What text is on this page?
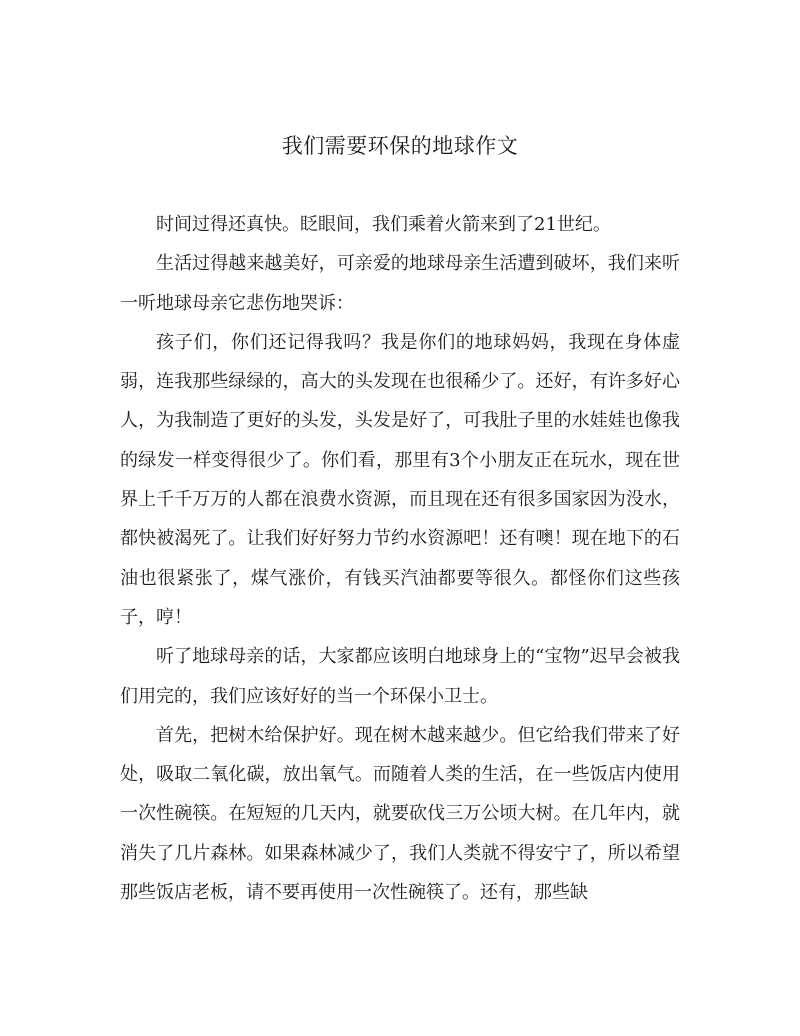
我们需要环保的地球作文

时间过得还真快。眨眼间，我们乘着火箭来到了21世纪。

生活过得越来越美好，可亲爱的地球母亲生活遭到破坏，我们来听一听地球母亲它悲伤地哭诉：

孩子们，你们还记得我吗？我是你们的地球妈妈，我现在身体虚弱，连我那些绿绿的，高大的头发现在也很稀少了。还好，有许多好心人，为我制造了更好的头发，头发是好了，可我肚子里的水娃娃也像我的绿发一样变得很少了。你们看，那里有3个小朋友正在玩水，现在世界上千千万万的人都在浪费水资源，而且现在还有很多国家因为没水，都快被渴死了。让我们好好努力节约水资源吧！还有噢！现在地下的石油也很紧张了，煤气涨价，有钱买汽油都要等很久。都怪你们这些孩子，哼！

听了地球母亲的话，大家都应该明白地球身上的“宝物”迟早会被我们用完的，我们应该好好的当一个环保小卫士。

首先，把树木给保护好。现在树木越来越少。但它给我们带来了好处，吸取二氧化碳，放出氧气。而随着人类的生活，在一些饭店内使用一次性碗筷。在短短的几天内，就要砍伐三万公顷大树。在几年内，就消失了几片森林。如果森林减少了，我们人类就不得安宁了，所以希望那些饭店老板，请不要再使用一次性碗筷了。还有，那些缺
